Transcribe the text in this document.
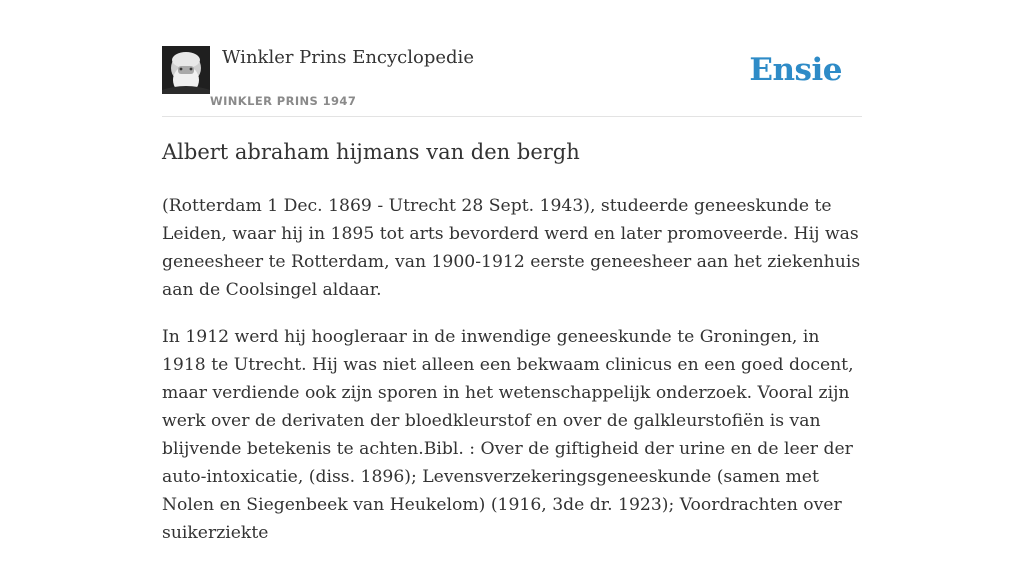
Winkler Prins Encyclopedie

WINKLER PRINS 1947

Ensie
Albert abraham hijmans van den bergh

(Rotterdam 1 Dec. 1869 - Utrecht 28 Sept. 1943), studeerde geneeskunde te Leiden, waar hij in 1895 tot arts bevorderd werd en later promoveerde. Hij was geneesheer te Rotterdam, van 1900-1912 eerste geneesheer aan het ziekenhuis aan de Coolsingel aldaar.

In 1912 werd hij hoogleraar in de inwendige geneeskunde te Groningen, in 1918 te Utrecht. Hij was niet alleen een bekwaam clinicus en een goed docent, maar verdiende ook zijn sporen in het wetenschappelijk onderzoek. Vooral zijn werk over de derivaten der bloedkleurstof en over de galkleurstofiën is van blijvende betekenis te achten.Bibl. : Over de giftigheid der urine en de leer der auto-intoxicatie, (diss. 1896); Levensverzekeringsgeneeskunde (samen met Nolen en Siegenbeek van Heukelom) (1916, 3de dr. 1923); Voordrachten over suikerziekte
